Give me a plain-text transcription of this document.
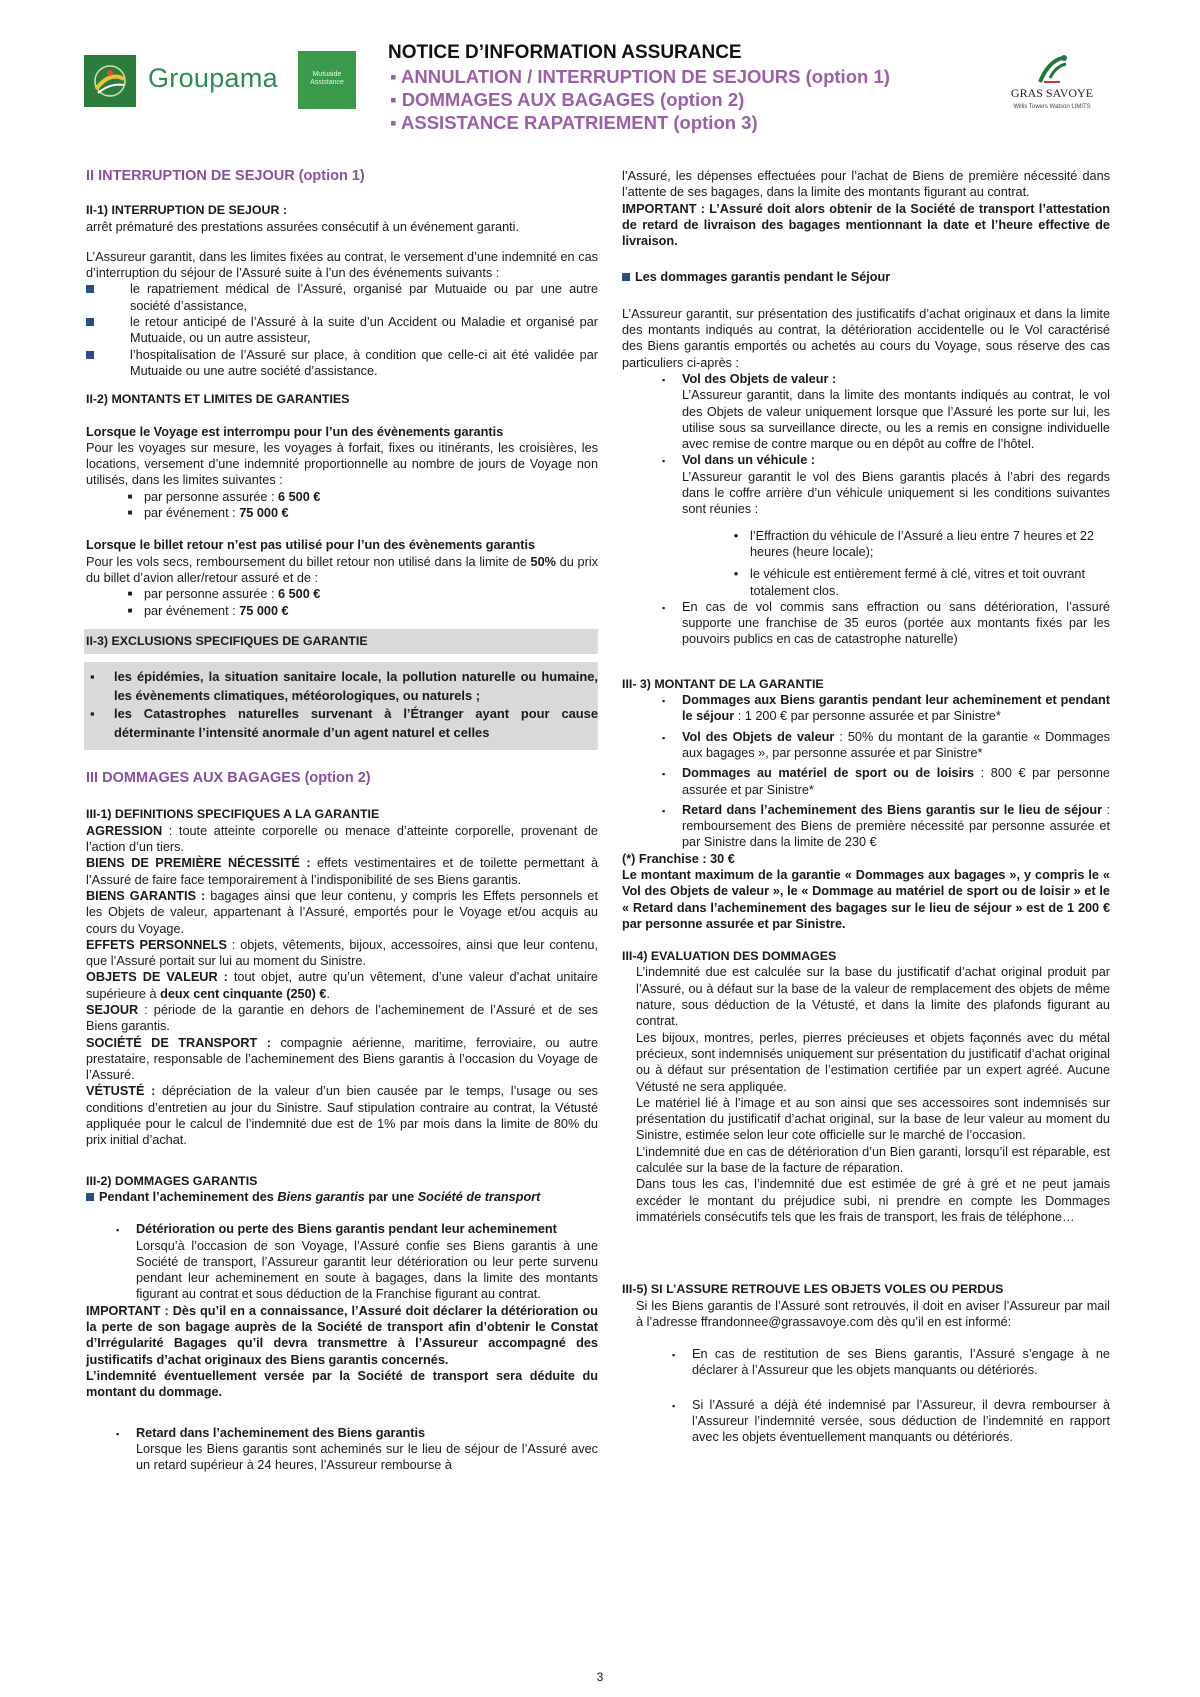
Groupama	Mutuaide Assistance
NOTICE D’INFORMATION ASSURANCE
▪ ANNULATION / INTERRUPTION DE SEJOURS (option 1)
▪ DOMMAGES AUX BAGAGES (option 2)
▪ ASSISTANCE RAPATRIEMENT (option 3)
GRAS SAVOYE
Willis Towers Watson LIMITS
II INTERRUPTION DE SEJOUR (option 1)
II-1) INTERRUPTION DE SEJOUR :

arrêt prématuré des prestations assurées consécutif à un événement garanti.

L’Assureur garantit, dans les limites fixées au contrat, le versement d’une indemnité en cas d’interruption du séjour de l’Assuré suite à l’un des événements suivants :

le rapatriement médical de l’Assuré, organisé par Mutuaide ou par une autre société d’assistance,
le retour anticipé de l’Assuré à la suite d’un Accident ou Maladie et organisé par Mutuaide, ou un autre assisteur,
l’hospitalisation de l’Assuré sur place, à condition que celle-ci ait été validée par Mutuaide ou une autre société d’assistance.
II-2) MONTANTS ET LIMITES DE GARANTIES
Lorsque le Voyage est interrompu pour l’un des évènements garantis

Pour les voyages sur mesure, les voyages à forfait, fixes ou itinérants, les croisières, les locations, versement d’une indemnité proportionnelle au nombre de jours de Voyage non utilisés, dans les limites suivantes :

■ par personne assurée : 6 500 €
■ par événement : 75 000 €
Lorsque le billet retour n’est pas utilisé pour l’un des évènements garantis

Pour les vols secs, remboursement du billet retour non utilisé dans la limite de 50% du prix du billet d’avion aller/retour assuré et de :

■ par personne assurée : 6 500 €
■ par événement : 75 000 €
II-3) EXCLUSIONS SPECIFIQUES DE GARANTIE
▪	les épidémies, la situation sanitaire locale, la pollution naturelle ou humaine, les évènements climatiques, météorologiques, ou naturels ;
▪	les Catastrophes naturelles survenant à l’Étranger ayant pour cause déterminante l’intensité anormale d’un agent naturel et celles
III DOMMAGES AUX BAGAGES (option 2)
III-1) DEFINITIONS SPECIFIQUES A LA GARANTIE

AGRESSION : toute atteinte corporelle ou menace d’atteinte corporelle, provenant de l’action d’un tiers.

BIENS DE PREMIÈRE NÉCESSITÉ : effets vestimentaires et de toilette permettant à l’Assuré de faire face temporairement à l’indisponibilité de ses Biens garantis.

BIENS GARANTIS : bagages ainsi que leur contenu, y compris les Effets personnels et les Objets de valeur, appartenant à l’Assuré, emportés pour le Voyage et/ou acquis au cours du Voyage.

EFFETS PERSONNELS : objets, vêtements, bijoux, accessoires, ainsi que leur contenu, que l’Assuré portait sur lui au moment du Sinistre.

OBJETS DE VALEUR : tout objet, autre qu’un vêtement, d’une valeur d’achat unitaire supérieure à deux cent cinquante (250) €.

SEJOUR : période de la garantie en dehors de l’acheminement de l’Assuré et de ses Biens garantis.

SOCIÉTÉ DE TRANSPORT : compagnie aérienne, maritime, ferroviaire, ou autre prestataire, responsable de l’acheminement des Biens garantis à l’occasion du Voyage de l’Assuré.

VÉTUSTÉ : dépréciation de la valeur d’un bien causée par le temps, l’usage ou ses conditions d’entretien au jour du Sinistre. Sauf stipulation contraire au contrat, la Vétusté appliquée pour le calcul de l’indemnité due est de 1% par mois dans la limite de 80% du prix initial d’achat.

III-2) DOMMAGES GARANTIS
Pendant l’acheminement des Biens garantis par une Société de transport
▪	Détérioration ou perte des Biens garantis pendant leur acheminement

Lorsqu’à l’occasion de son Voyage, l’Assuré confie ses Biens garantis à une Société de transport, l’Assureur garantit leur détérioration ou leur perte survenu pendant leur acheminement en soute à bagages, dans la limite des montants figurant au contrat et sous déduction de la Franchise figurant au contrat.

IMPORTANT : Dès qu’il en a connaissance, l’Assuré doit déclarer la détérioration ou la perte de son bagage auprès de la Société de transport afin d’obtenir le Constat d’Irrégularité Bagages qu’il devra transmettre à l’Assureur accompagné des justificatifs d’achat originaux des Biens garantis concernés.

L’indemnité éventuellement versée par la Société de transport sera déduite du montant du dommage.

▪	Retard dans l’acheminement des Biens garantis

Lorsque les Biens garantis sont acheminés sur le lieu de séjour de l’Assuré avec un retard supérieur à 24 heures, l’Assureur rembourse à

l’Assuré, les dépenses effectuées pour l’achat de Biens de première nécessité dans l’attente de ses bagages, dans la limite des montants figurant au contrat.

IMPORTANT : L’Assuré doit alors obtenir de la Société de transport l’attestation de retard de livraison des bagages mentionnant la date et l’heure effective de livraison.

Les dommages garantis pendant le Séjour

L’Assureur garantit, sur présentation des justificatifs d’achat originaux et dans la limite des montants indiqués au contrat, la détérioration accidentelle ou le Vol caractérisé des Biens garantis emportés ou achetés au cours du Voyage, sous réserve des cas particuliers ci-après :

▪	Vol des Objets de valeur :

L’Assureur garantit, dans la limite des montants indiqués au contrat, le vol des Objets de valeur uniquement lorsque que l’Assuré les porte sur lui, les utilise sous sa surveillance directe, ou les a remis en consigne individuelle avec remise de contre marque ou en dépôt au coffre de l’hôtel.

▪	Vol dans un véhicule :

L’Assureur garantit le vol des Biens garantis placés à l’abri des regards dans le coffre arrière d’un véhicule uniquement si les conditions suivantes sont réunies :

● l’Effraction du véhicule de l’Assuré a lieu entre 7 heures et 22 heures (heure locale);
● le véhicule est entièrement fermé à clé, vitres et toit ouvrant totalement clos.
▪	En cas de vol commis sans effraction ou sans détérioration, l’assuré supporte une franchise de 35 euros (portée aux montants fixés par les pouvoirs publics en cas de catastrophe naturelle)

III- 3) MONTANT DE LA GARANTIE
▪	Dommages aux Biens garantis pendant leur acheminement et pendant le séjour : 1 200 € par personne assurée et par Sinistre*
▪	Vol des Objets de valeur : 50% du montant de la garantie « Dommages aux bagages », par personne assurée et par Sinistre*
▪	Dommages au matériel de sport ou de loisirs : 800 € par personne assurée et par Sinistre*
▪	Retard dans l’acheminement des Biens garantis sur le lieu de séjour : remboursement des Biens de première nécessité par personne assurée et par Sinistre dans la limite de 230 €
(*) Franchise : 30 €

Le montant maximum de la garantie « Dommages aux bagages », y compris le « Vol des Objets de valeur », le « Dommage au matériel de sport ou de loisir » et le « Retard dans l’acheminement des bagages sur le lieu de séjour » est de 1 200 € par personne assurée et par Sinistre.

III-4) EVALUATION DES DOMMAGES

L’indemnité due est calculée sur la base du justificatif d’achat original produit par l’Assuré, ou à défaut sur la base de la valeur de remplacement des objets de même nature, sous déduction de la Vétusté, et dans la limite des plafonds figurant au contrat.

Les bijoux, montres, perles, pierres précieuses et objets façonnés avec du métal précieux, sont indemnisés uniquement sur présentation du justificatif d’achat original ou à défaut sur présentation de l’estimation certifiée par un expert agréé. Aucune Vétusté ne sera appliquée.

Le matériel lié à l’image et au son ainsi que ses accessoires sont indemnisés sur présentation du justificatif d’achat original, sur la base de leur valeur au moment du Sinistre, estimée selon leur cote officielle sur le marché de l’occasion.

L’indemnité due en cas de détérioration d’un Bien garanti, lorsqu’il est réparable, est calculée sur la base de la facture de réparation.

Dans tous les cas, l’indemnité due est estimée de gré à gré et ne peut jamais excéder le montant du préjudice subi, ni prendre en compte les Dommages immatériels consécutifs tels que les frais de transport, les frais de téléphone…

III-5) SI L’ASSURE RETROUVE LES OBJETS VOLES OU PERDUS

Si les Biens garantis de l’Assuré sont retrouvés, il doit en aviser l’Assureur par mail à l’adresse ffrandonnee@grassavoye.com dès qu’il en est informé:

▪	En cas de restitution de ses Biens garantis, l’Assuré s’engage à ne déclarer à l’Assureur que les objets manquants ou détériorés.
▪	Si l’Assuré a déjà été indemnisé par l’Assureur, il devra rembourser à l’Assureur l’indemnité versée, sous déduction de l’indemnité en rapport avec les objets éventuellement manquants ou détériorés.
3
